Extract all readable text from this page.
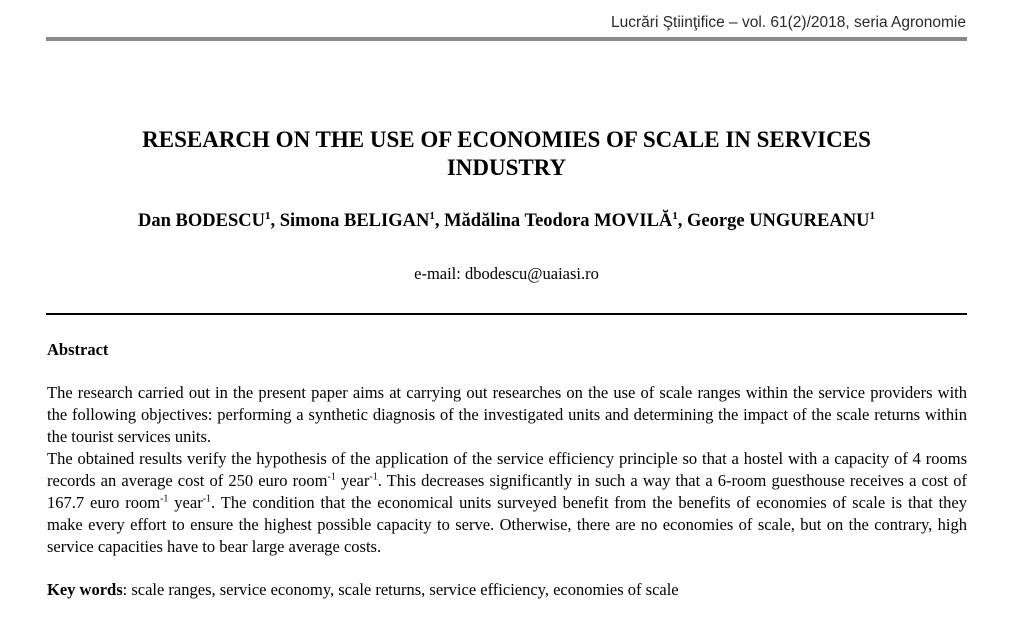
Lucrări Ştiinţifice – vol. 61(2)/2018, seria Agronomie
RESEARCH ON THE USE OF ECONOMIES OF SCALE IN SERVICES
INDUSTRY
Dan BODESCU$^1$, Simona BELIGAN$^1$, Mădălina Teodora MOVILĂ$^1$, George UNGUREANU$^1$
e-mail: dbodescu@uaiasi.ro
Abstract

The research carried out in the present paper aims at carrying out researches on the use of scale ranges within the service providers with the following objectives: performing a synthetic diagnosis of the investigated units and determining the impact of the scale returns within the tourist services units.

The obtained results verify the hypothesis of the application of the service efficiency principle so that a hostel with a capacity of 4 rooms records an average cost of 250 euro room$^{-1}$ year$^{-1}$. This decreases significantly in such a way that a 6-room guesthouse receives a cost of 167.7 euro room$^{-1}$ year$^{-1}$. The condition that the economical units surveyed benefit from the benefits of economies of scale is that they make every effort to ensure the highest possible capacity to serve. Otherwise, there are no economies of scale, but on the contrary, high service capacities have to bear large average costs.

Key words: scale ranges, service economy, scale returns, service efficiency, economies of scale
